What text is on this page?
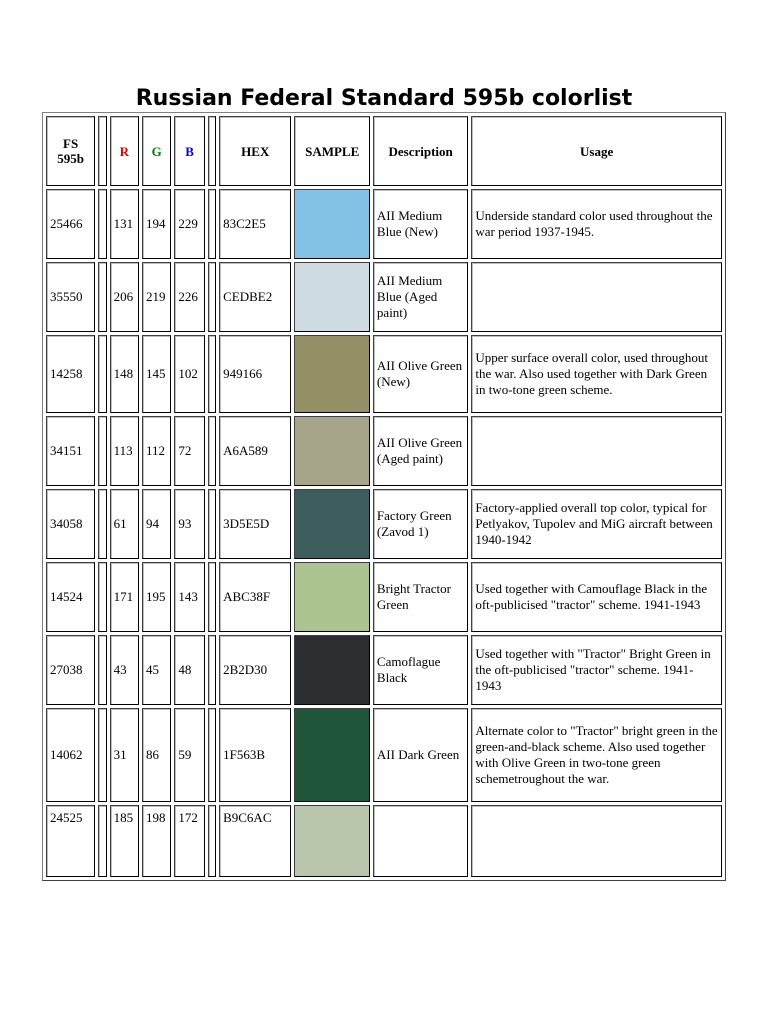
Russian Federal Standard 595b colorlist
FS 595b		R	G	B		HEX	SAMPLE	Description	Usage
25466		131	194	229		83C2E5		AII Medium Blue (New)	Underside standard color used throughout the war period 1937-1945.
35550		206	219	226		CEDBE2		AII Medium Blue (Aged paint)	
14258		148	145	102		949166		AII Olive Green (New)	Upper surface overall color, used throughout the war. Also used together with Dark Green in two-tone green scheme.
34151		113	112	72		A6A589		AII Olive Green (Aged paint)	
34058		61	94	93		3D5E5D		Factory Green (Zavod 1)	Factory-applied overall top color, typical for Petlyakov, Tupolev and MiG aircraft between 1940-1942
14524		171	195	143		ABC38F		Bright Tractor Green	Used together with Camouflage Black in the oft-publicised "tractor" scheme. 1941-1943
27038		43	45	48		2B2D30		Camoflague Black	Used together with "Tractor" Bright Green in the oft-publicised "tractor" scheme. 1941-1943
14062		31	86	59		1F563B		AII Dark Green	Alternate color to "Tractor" bright green in the green-and-black scheme. Also used together with Olive Green in two-tone green schemetroughout the war.
24525		185	198	172		B9C6AC	
